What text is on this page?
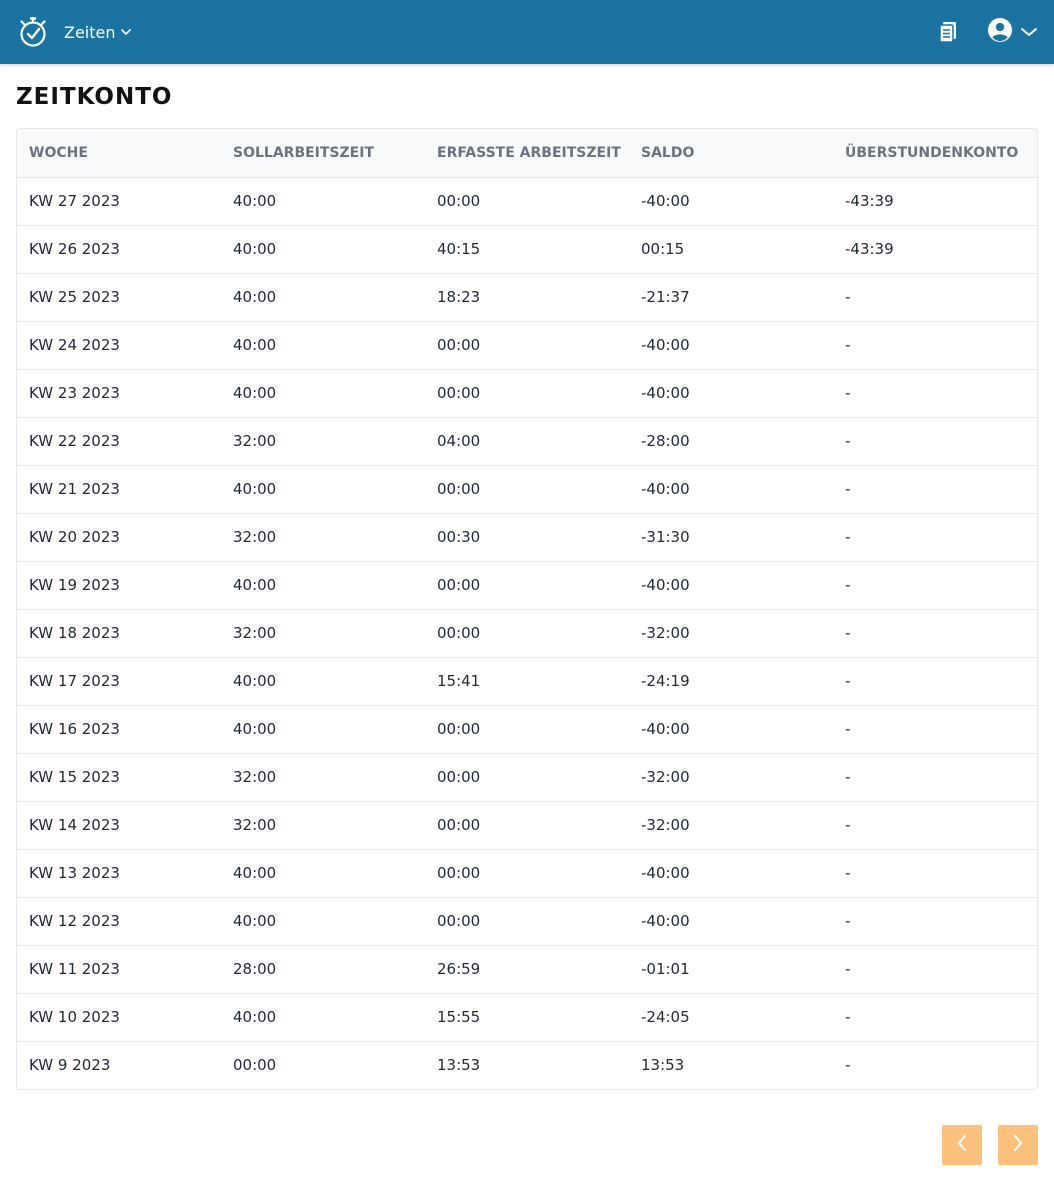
Zeiten
ZEITKONTO
WOCHE	SOLLARBEITSZEIT	ERFASSTE ARBEITSZEIT	SALDO	ÜBERSTUNDENKONTO
KW 27 2023	40:00	00:00	-40:00	-43:39
KW 26 2023	40:00	40:15	00:15	-43:39
KW 25 2023	40:00	18:23	-21:37	-
KW 24 2023	40:00	00:00	-40:00	-
KW 23 2023	40:00	00:00	-40:00	-
KW 22 2023	32:00	04:00	-28:00	-
KW 21 2023	40:00	00:00	-40:00	-
KW 20 2023	32:00	00:30	-31:30	-
KW 19 2023	40:00	00:00	-40:00	-
KW 18 2023	32:00	00:00	-32:00	-
KW 17 2023	40:00	15:41	-24:19	-
KW 16 2023	40:00	00:00	-40:00	-
KW 15 2023	32:00	00:00	-32:00	-
KW 14 2023	32:00	00:00	-32:00	-
KW 13 2023	40:00	00:00	-40:00	-
KW 12 2023	40:00	00:00	-40:00	-
KW 11 2023	28:00	26:59	-01:01	-
KW 10 2023	40:00	15:55	-24:05	-
KW 9 2023	00:00	13:53	13:53	-
